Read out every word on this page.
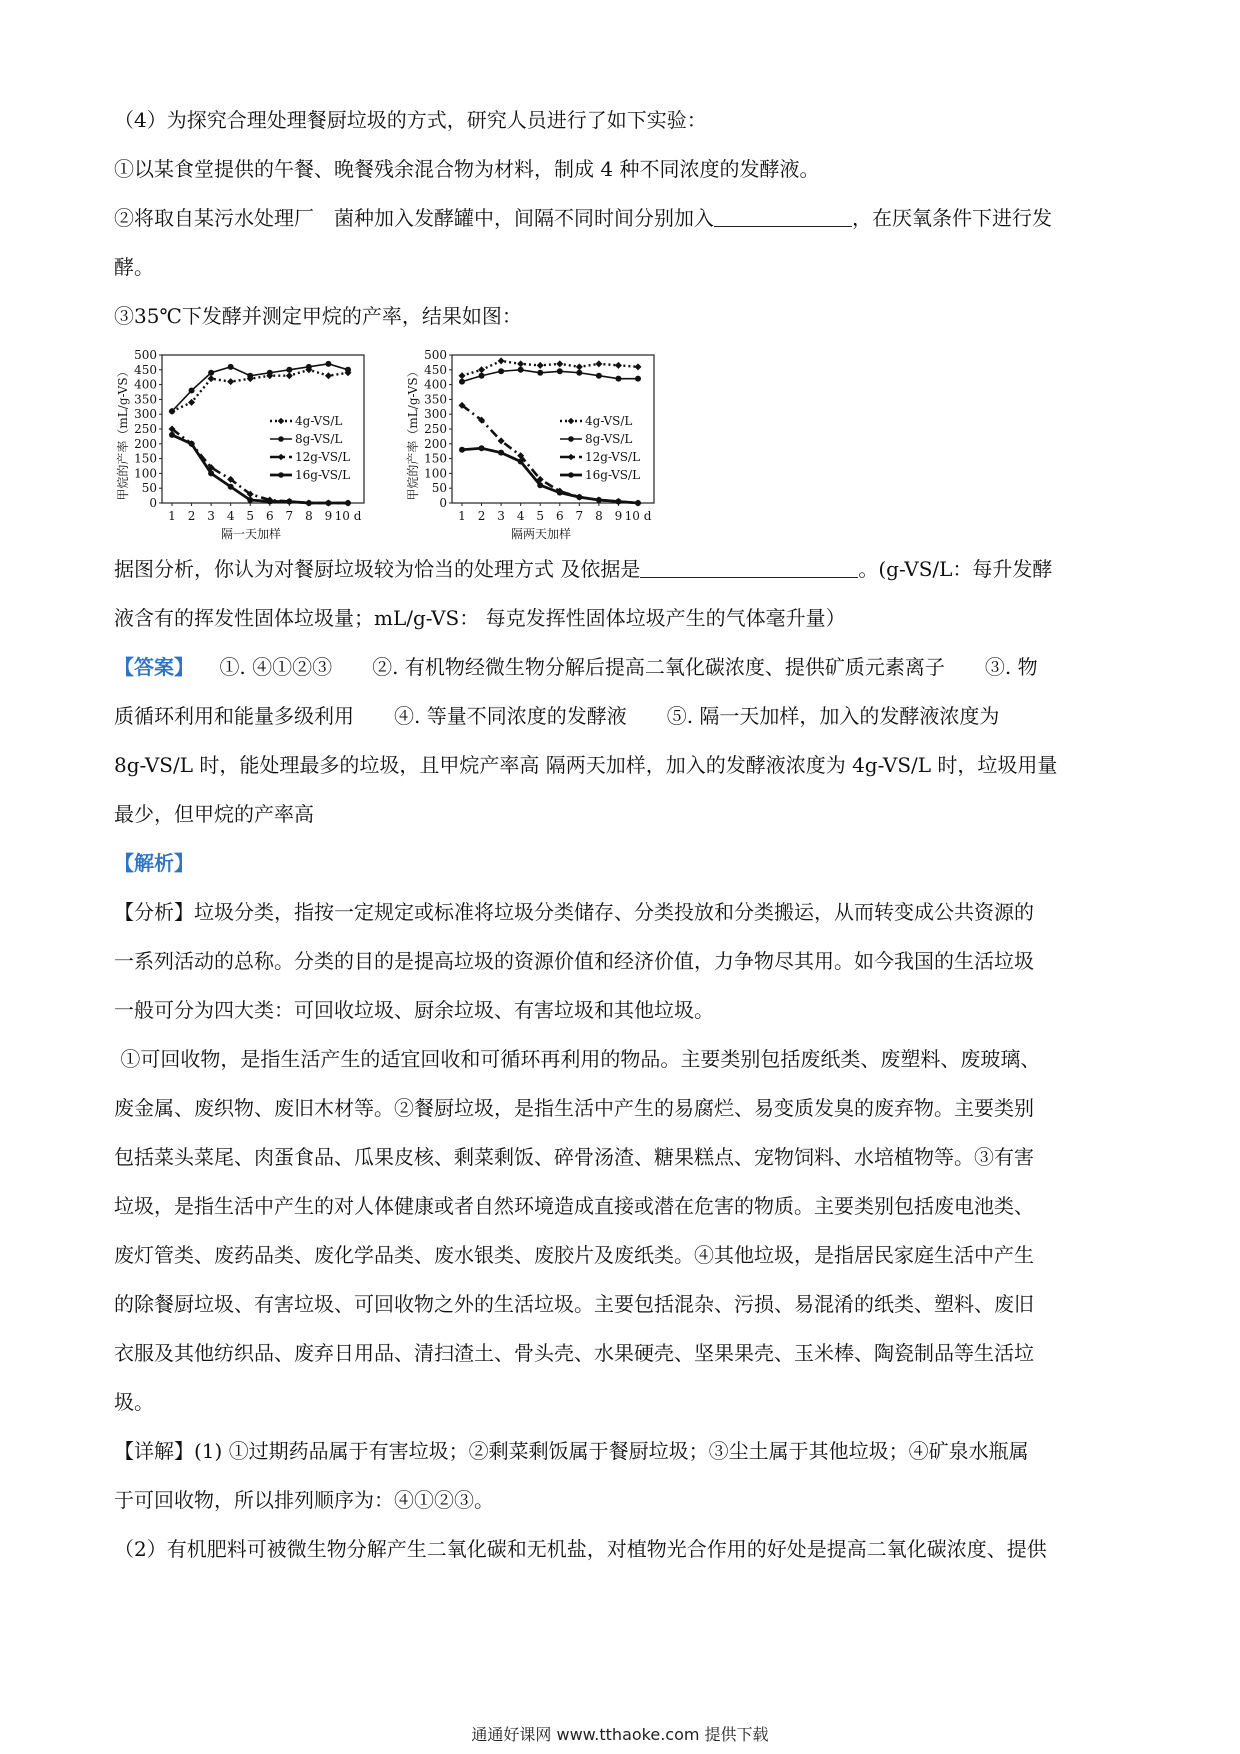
（4）为探究合理处理餐厨垃圾的方式，研究人员进行了如下实验：

①以某食堂提供的午餐、晚餐残余混合物为材料，制成 4 种不同浓度的发酵液。

②将取自某污水处理厂　菌种加入发酵罐中，间隔不同时间分别加入	，在厌氧条件下进行发

酵。

③35℃下发酵并测定甲烷的产率，结果如图：

0
50
100
150
200
250
300
350
400
450
500
1 2 3 4 5 6 7 8 9 10 d
隔一天加样
甲烷的产率（mL/g-VS）	4g-VS/L
8g-VS/L
12g-VS/L
16g-VS/L
0
50
100
150
200
250
300
350
400
450
500
1 2 3 4 5 6 7 8 9 10 d
隔两天加样
甲烷的产率（mL/g-VS）	4g-VS/L
8g-VS/L
12g-VS/L
16g-VS/L

据图分析，你认为对餐厨垃圾较为恰当的处理方式 及依据是	。(g-VS/L：每升发酵

液含有的挥发性固体垃圾量；mL/g-VS： 每克发挥性固体垃圾产生的气体毫升量）

【答案】 ①. ④①②③　　②. 有机物经微生物分解后提高二氧化碳浓度、提供矿质元素离子　　③. 物

质循环利用和能量多级利用　　④. 等量不同浓度的发酵液　　⑤. 隔一天加样，加入的发酵液浓度为

8g-VS/L 时，能处理最多的垃圾，且甲烷产率高 隔两天加样，加入的发酵液浓度为 4g-VS/L 时，垃圾用量

最少，但甲烷的产率高

【解析】

【分析】垃圾分类，指按一定规定或标准将垃圾分类储存、分类投放和分类搬运，从而转变成公共资源的

一系列活动的总称。分类的目的是提高垃圾的资源价值和经济价值，力争物尽其用。如今我国的生活垃圾

一般可分为四大类：可回收垃圾、厨余垃圾、有害垃圾和其他垃圾。

①可回收物，是指生活产生的适宜回收和可循环再利用的物品。主要类别包括废纸类、废塑料、废玻璃、

废金属、废织物、废旧木材等。②餐厨垃圾，是指生活中产生的易腐烂、易变质发臭的废弃物。主要类别

包括菜头菜尾、肉蛋食品、瓜果皮核、剩菜剩饭、碎骨汤渣、糖果糕点、宠物饲料、水培植物等。③有害

垃圾，是指生活中产生的对人体健康或者自然环境造成直接或潜在危害的物质。主要类别包括废电池类、

废灯管类、废药品类、废化学品类、废水银类、废胶片及废纸类。④其他垃圾，是指居民家庭生活中产生

的除餐厨垃圾、有害垃圾、可回收物之外的生活垃圾。主要包括混杂、污损、易混淆的纸类、塑料、废旧

衣服及其他纺织品、废弃日用品、清扫渣土、骨头壳、水果硬壳、坚果果壳、玉米棒、陶瓷制品等生活垃

圾。

【详解】(1) ①过期药品属于有害垃圾；②剩菜剩饭属于餐厨垃圾；③尘土属于其他垃圾；④矿泉水瓶属

于可回收物，所以排列顺序为：④①②③。

（2）有机肥料可被微生物分解产生二氧化碳和无机盐，对植物光合作用的好处是提高二氧化碳浓度、提供

通通好课网 www.tthaoke.com 提供下载
